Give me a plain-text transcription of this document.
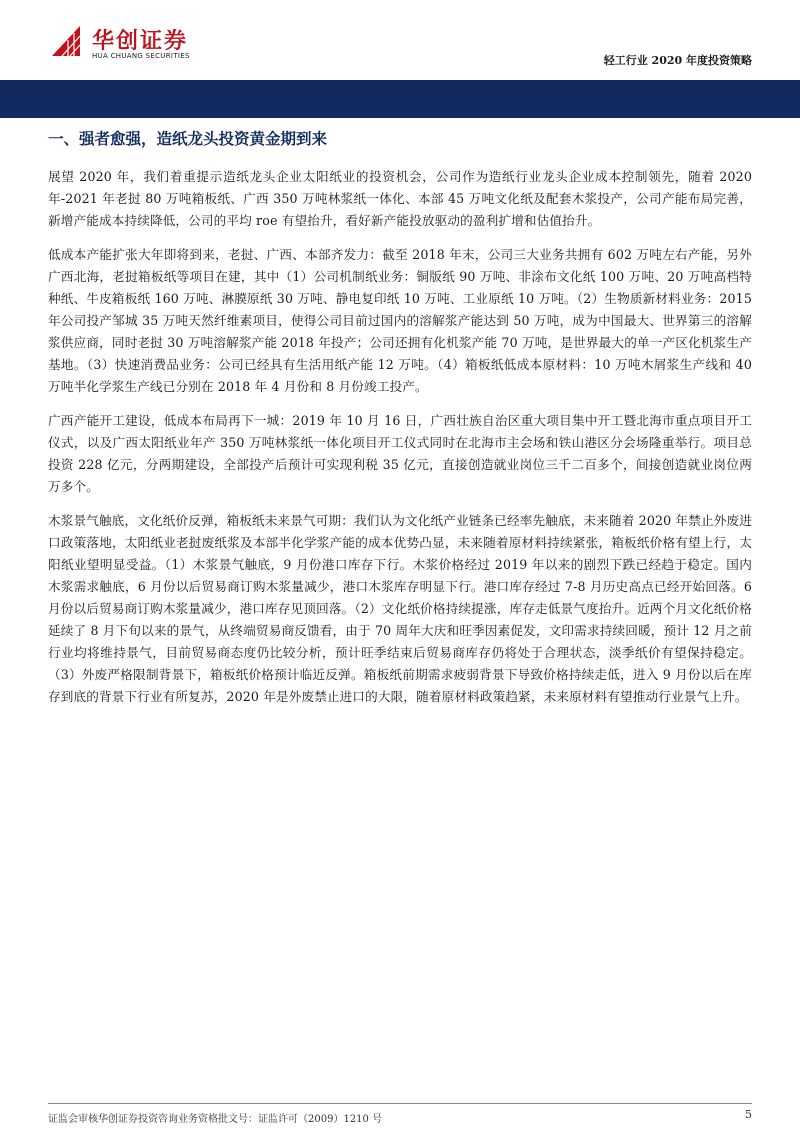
华创证券
HUA CHUANG SECURITIES	轻工行业 2020 年度投资策略
一、强者愈强，造纸龙头投资黄金期到来

展望 2020 年，我们着重提示造纸龙头企业太阳纸业的投资机会，公司作为造纸行业龙头企业成本控制领先，随着 2020 年-2021 年老挝 80 万吨箱板纸、广西 350 万吨林浆纸一体化、本部 45 万吨文化纸及配套木浆投产，公司产能布局完善，新增产能成本持续降低，公司的平均 roe 有望抬升，看好新产能投放驱动的盈利扩增和估值抬升。

低成本产能扩张大年即将到来，老挝、广西、本部齐发力：截至 2018 年末，公司三大业务共拥有 602 万吨左右产能，另外广西北海，老挝箱板纸等项目在建，其中（1）公司机制纸业务：铜版纸 90 万吨、非涂布文化纸 100 万吨、20 万吨高档特种纸、牛皮箱板纸 160 万吨、淋膜原纸 30 万吨、静电复印纸 10 万吨、工业原纸 10 万吨。（2）生物质新材料业务：2015 年公司投产邹城 35 万吨天然纤维素项目，使得公司目前过国内的溶解浆产能达到 50 万吨，成为中国最大、世界第三的溶解浆供应商，同时老挝 30 万吨溶解浆产能 2018 年投产；公司还拥有化机浆产能 70 万吨，是世界最大的单一产区化机浆生产基地。（3）快速消费品业务：公司已经具有生活用纸产能 12 万吨。（4）箱板纸低成本原材料：10 万吨木屑浆生产线和 40 万吨半化学浆生产线已分别在 2018 年 4 月份和 8 月份竣工投产。

广西产能开工建设，低成本布局再下一城：2019 年 10 月 16 日，广西壮族自治区重大项目集中开工暨北海市重点项目开工仪式，以及广西太阳纸业年产 350 万吨林浆纸一体化项目开工仪式同时在北海市主会场和铁山港区分会场隆重举行。项目总投资 228 亿元，分两期建设，全部投产后预计可实现利税 35 亿元，直接创造就业岗位三千二百多个，间接创造就业岗位两万多个。

木浆景气触底，文化纸价反弹，箱板纸未来景气可期：我们认为文化纸产业链条已经率先触底，未来随着 2020 年禁止外废进口政策落地，太阳纸业老挝废纸浆及本部半化学浆产能的成本优势凸显，未来随着原材料持续紧张，箱板纸价格有望上行，太阳纸业望明显受益。（1）木浆景气触底，9 月份港口库存下行。木浆价格经过 2019 年以来的剧烈下跌已经趋于稳定。国内木浆需求触底，6 月份以后贸易商订购木浆量减少，港口木浆库存明显下行。港口库存经过 7-8 月历史高点已经开始回落。6 月份以后贸易商订购木浆量减少，港口库存见顶回落。（2）文化纸价格持续提涨，库存走低景气度抬升。近两个月文化纸价格延续了 8 月下旬以来的景气，从终端贸易商反馈看，由于 70 周年大庆和旺季因素促发，文印需求持续回暖，预计 12 月之前行业均将维持景气，目前贸易商态度仍比较分析，预计旺季结束后贸易商库存仍将处于合理状态，淡季纸价有望保持稳定。（3）外废严格限制背景下，箱板纸价格预计临近反弹。箱板纸前期需求疲弱背景下导致价格持续走低，进入 9 月份以后在库存到底的背景下行业有所复苏，2020 年是外废禁止进口的大限，随着原材料政策趋紧，未来原材料有望推动行业景气上升。

证监会审核华创证券投资咨询业务资格批文号：证监许可（2009）1210 号	5
